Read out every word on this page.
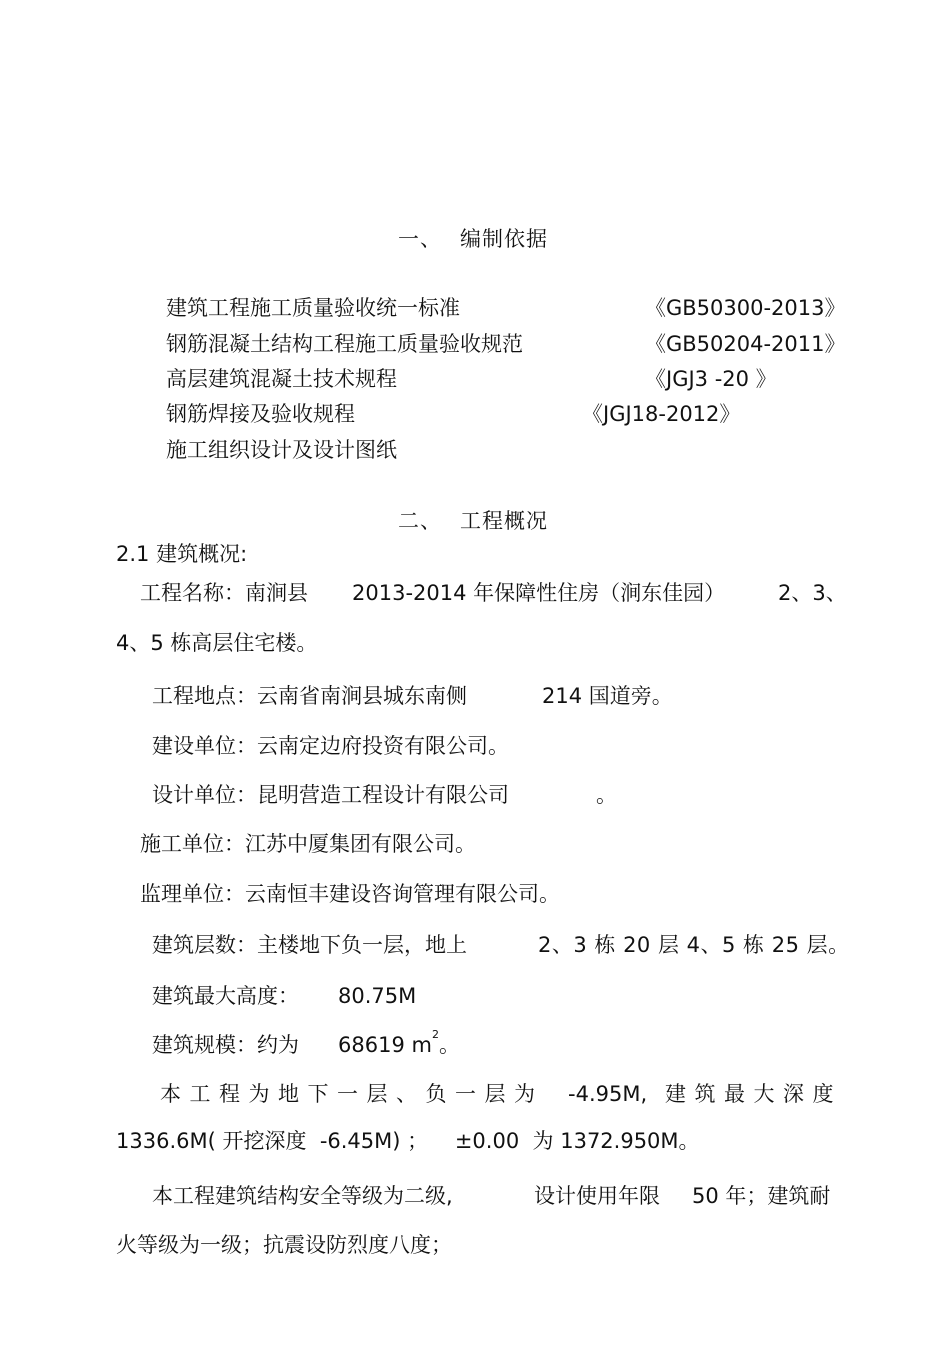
一、 编制依据
建筑工程施工质量验收统一标准	《GB50300-2013》
钢筋混凝土结构工程施工质量验收规范	《GB50204-2011》
高层建筑混凝土技术规程	《JGJ3 -20 》
钢筋焊接及验收规程	《JGJ18-2012》
施工组织设计及设计图纸
二、 工程概况
2.1 建筑概况:
工程名称：南涧县 2013-2014 年保障性住房（涧东佳园）	2、3、
4、5 栋高层住宅楼。
工程地点：云南省南涧县城东南侧	214 国道旁。
建设单位：云南定边府投资有限公司。
设计单位：昆明营造工程设计有限公司	。
施工单位：江苏中厦集团有限公司。
监理单位：云南恒丰建设咨询管理有限公司。
建筑层数：主楼地下负一层，地上	2、3 栋 20 层 4、5 栋 25 层。
建筑最大高度： 80.75M
建筑规模：约为 68619 $m^2$。
本工程为地下一层、负一层为 -4.95M, 建筑最大深度
1336.6M( 开挖深度  -6.45M) ；    ±0.00  为 1372.950M。
本工程建筑结构安全等级为二级,	设计使用年限 50 年；建筑耐
火等级为一级；抗震设防烈度八度；
